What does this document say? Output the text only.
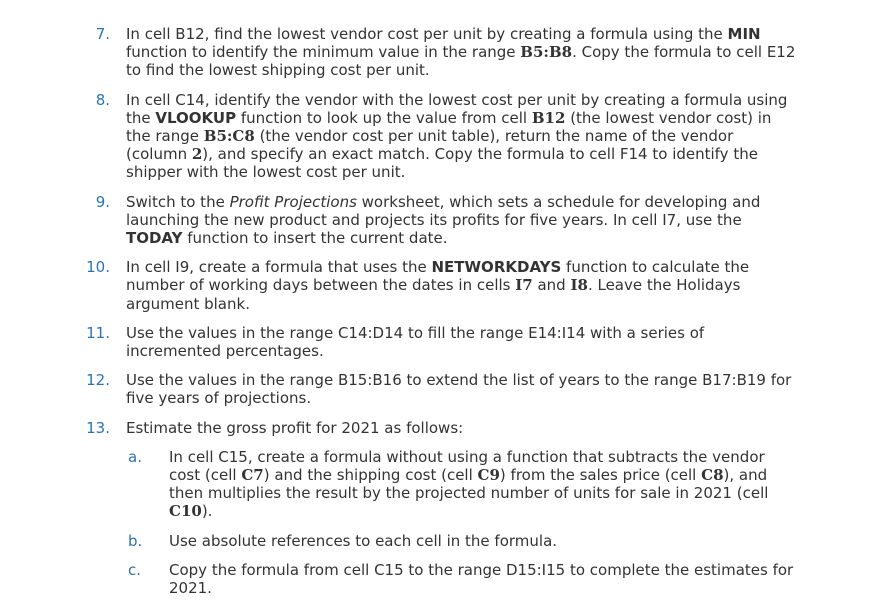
7. In cell B12, find the lowest vendor cost per unit by creating a formula using the MIN function to identify the minimum value in the range B5:B8. Copy the formula to cell E12 to find the lowest shipping cost per unit.
8. In cell C14, identify the vendor with the lowest cost per unit by creating a formula using the VLOOKUP function to look up the value from cell B12 (the lowest vendor cost) in the range B5:C8 (the vendor cost per unit table), return the name of the vendor (column 2), and specify an exact match. Copy the formula to cell F14 to identify the shipper with the lowest cost per unit.
9. Switch to the Profit Projections worksheet, which sets a schedule for developing and launching the new product and projects its profits for five years. In cell I7, use the TODAY function to insert the current date.
10. In cell I9, create a formula that uses the NETWORKDAYS function to calculate the number of working days between the dates in cells I7 and I8. Leave the Holidays argument blank.
11. Use the values in the range C14:D14 to fill the range E14:I14 with a series of incremented percentages.
12. Use the values in the range B15:B16 to extend the list of years to the range B17:B19 for five years of projections.
13. Estimate the gross profit for 2021 as follows:
a. In cell C15, create a formula without using a function that subtracts the vendor cost (cell C7) and the shipping cost (cell C9) from the sales price (cell C8), and then multiplies the result by the projected number of units for sale in 2021 (cell C10).
b. Use absolute references to each cell in the formula.
c. Copy the formula from cell C15 to the range D15:I15 to complete the estimates for 2021.
